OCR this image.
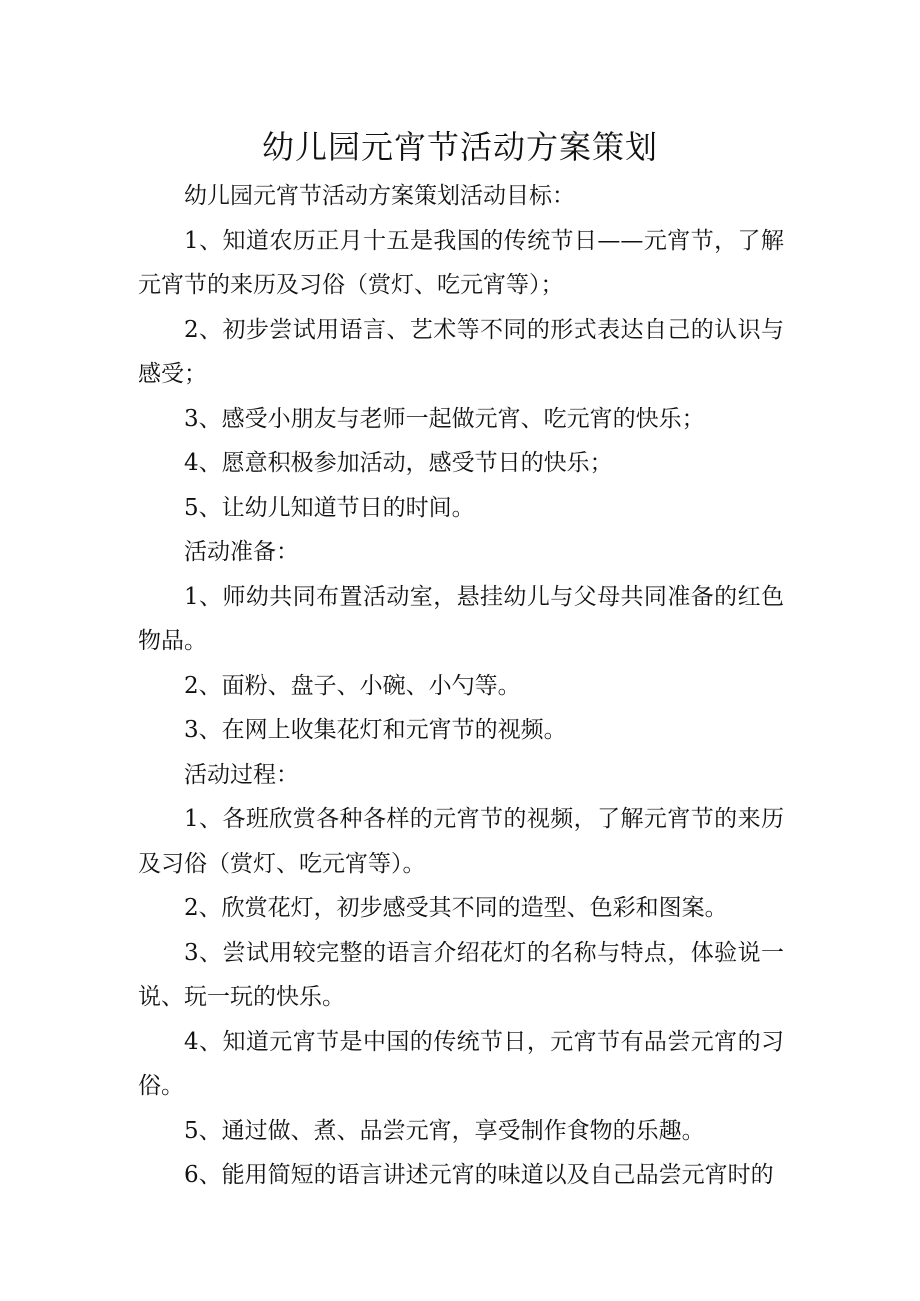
幼儿园元宵节活动方案策划

幼儿园元宵节活动方案策划活动目标：

1、知道农历正月十五是我国的传统节日——元宵节，了解元宵节的来历及习俗（赏灯、吃元宵等）；

2、初步尝试用语言、艺术等不同的形式表达自己的认识与感受；

3、感受小朋友与老师一起做元宵、吃元宵的快乐；

4、愿意积极参加活动，感受节日的快乐；

5、让幼儿知道节日的时间。

活动准备：

1、师幼共同布置活动室，悬挂幼儿与父母共同准备的红色物品。

2、面粉、盘子、小碗、小勺等。

3、在网上收集花灯和元宵节的视频。

活动过程：

1、各班欣赏各种各样的元宵节的视频，了解元宵节的来历及习俗（赏灯、吃元宵等）。

2、欣赏花灯，初步感受其不同的造型、色彩和图案。

3、尝试用较完整的语言介绍花灯的名称与特点，体验说一说、玩一玩的快乐。

4、知道元宵节是中国的传统节日，元宵节有品尝元宵的习俗。

5、通过做、煮、品尝元宵，享受制作食物的乐趣。

6、能用简短的语言讲述元宵的味道以及自己品尝元宵时的
